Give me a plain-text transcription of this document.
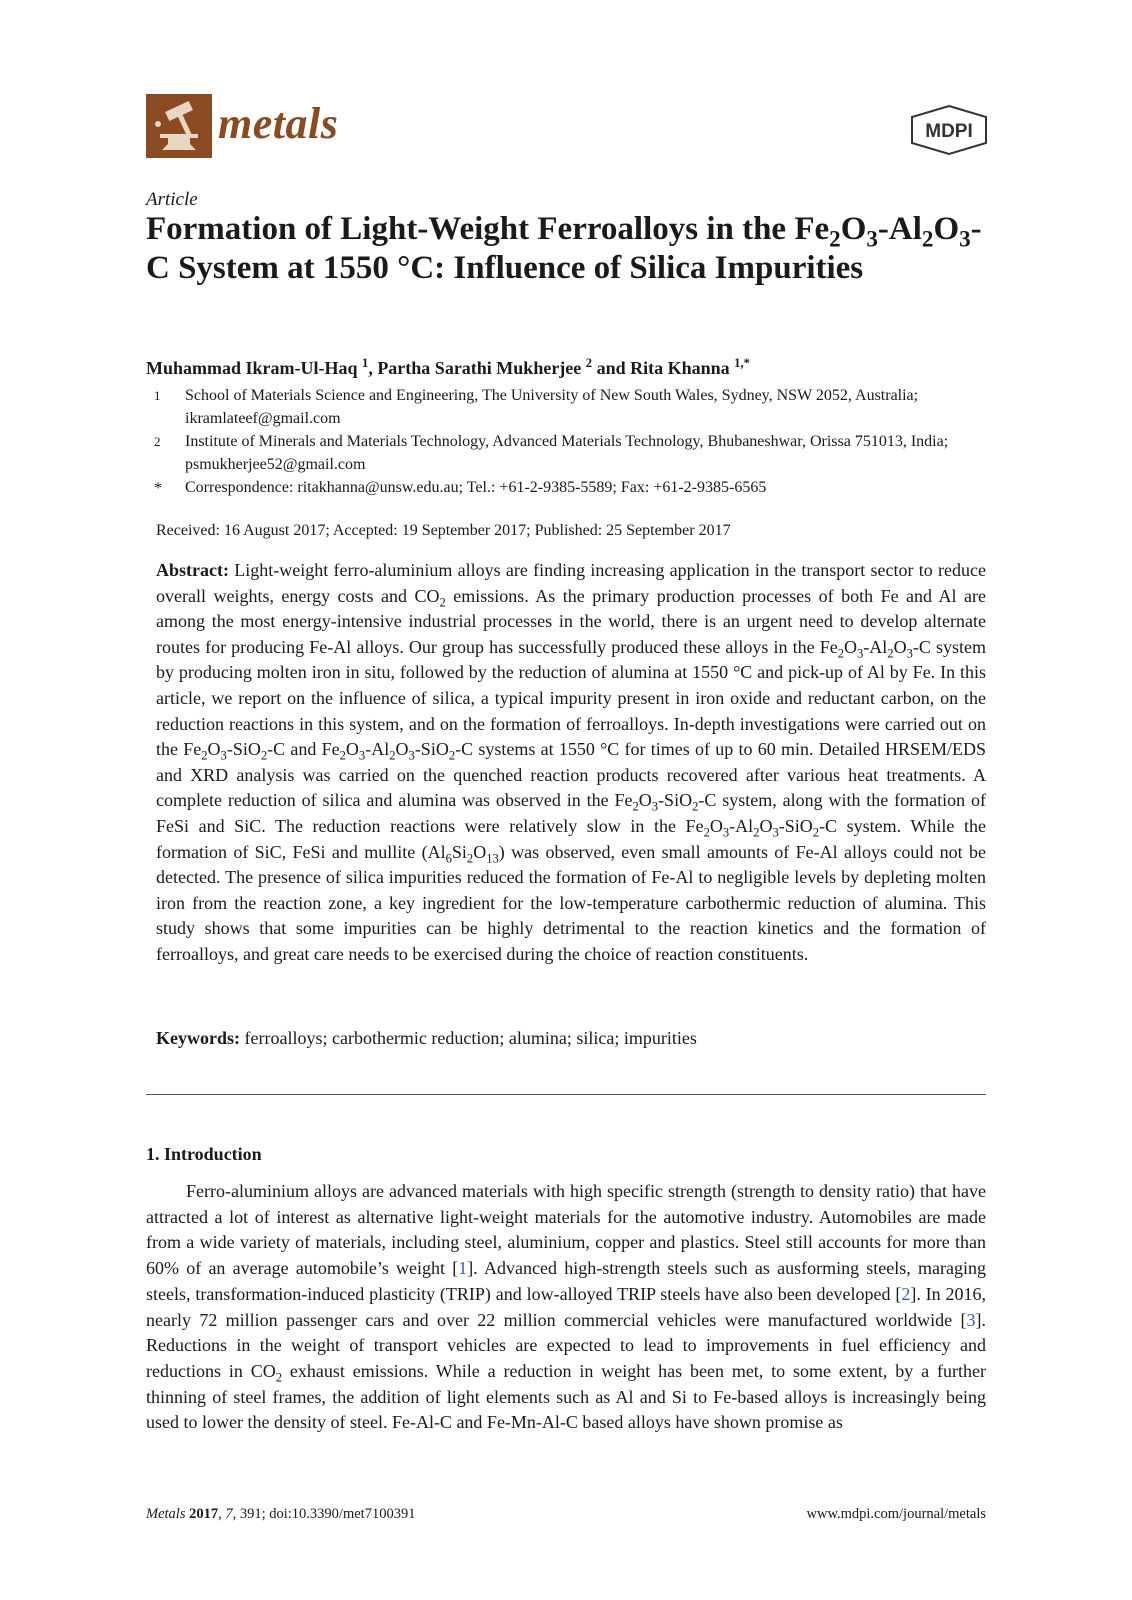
metals	MDPI
Article
Formation of Light-Weight Ferroalloys in the $Fe_2O_3-Al_2O_3-C$ System at 1550 °C: Influence of Silica Impurities
Muhammad Ikram-Ul-Haq $^1$, Partha Sarathi Mukherjee $^2$ and Rita Khanna $^{1,*}$
1	School of Materials Science and Engineering, The University of New South Wales, Sydney, NSW 2052, Australia; ikramlateef@gmail.com
2	Institute of Minerals and Materials Technology, Advanced Materials Technology, Bhubaneshwar, Orissa 751013, India; psmukherjee52@gmail.com
*	Correspondence: ritakhanna@unsw.edu.au; Tel.: +61-2-9385-5589; Fax: +61-2-9385-6565
Received: 16 August 2017; Accepted: 19 September 2017; Published: 25 September 2017
Abstract: Light-weight ferro-aluminium alloys are finding increasing application in the transport sector to reduce overall weights, energy costs and $CO_2$ emissions. As the primary production processes of both Fe and Al are among the most energy-intensive industrial processes in the world, there is an urgent need to develop alternate routes for producing Fe-Al alloys. Our group has successfully produced these alloys in the $Fe_2O_3-Al_2O_3-C$ system by producing molten iron in situ, followed by the reduction of alumina at 1550 °C and pick-up of Al by Fe. In this article, we report on the influence of silica, a typical impurity present in iron oxide and reductant carbon, on the reduction reactions in this system, and on the formation of ferroalloys. In-depth investigations were carried out on the $Fe_2O_3-SiO_2-C$ and $Fe_2O_3-Al_2O_3-SiO_2-C$ systems at 1550 °C for times of up to 60 min. Detailed HRSEM/EDS and XRD analysis was carried on the quenched reaction products recovered after various heat treatments. A complete reduction of silica and alumina was observed in the $Fe_2O_3-SiO_2-C$ system, along with the formation of FeSi and SiC. The reduction reactions were relatively slow in the $Fe_2O_3-Al_2O_3-SiO_2-C$ system. While the formation of SiC, FeSi and mullite $(Al_6Si_2O_{13})$ was observed, even small amounts of Fe-Al alloys could not be detected. The presence of silica impurities reduced the formation of Fe-Al to negligible levels by depleting molten iron from the reaction zone, a key ingredient for the low-temperature carbothermic reduction of alumina. This study shows that some impurities can be highly detrimental to the reaction kinetics and the formation of ferroalloys, and great care needs to be exercised during the choice of reaction constituents.
Keywords: ferroalloys; carbothermic reduction; alumina; silica; impurities
1. Introduction
Ferro-aluminium alloys are advanced materials with high specific strength (strength to density ratio) that have attracted a lot of interest as alternative light-weight materials for the automotive industry. Automobiles are made from a wide variety of materials, including steel, aluminium, copper and plastics. Steel still accounts for more than 60% of an average automobile’s weight [1]. Advanced high-strength steels such as ausforming steels, maraging steels, transformation-induced plasticity (TRIP) and low-alloyed TRIP steels have also been developed [2]. In 2016, nearly 72 million passenger cars and over 22 million commercial vehicles were manufactured worldwide [3]. Reductions in the weight of transport vehicles are expected to lead to improvements in fuel efficiency and reductions in $CO_2$ exhaust emissions. While a reduction in weight has been met, to some extent, by a further thinning of steel frames, the addition of light elements such as Al and Si to Fe-based alloys is increasingly being used to lower the density of steel. Fe-Al-C and Fe-Mn-Al-C based alloys have shown promise as
Metals 2017, 7, 391; doi:10.3390/met7100391	www.mdpi.com/journal/metals
